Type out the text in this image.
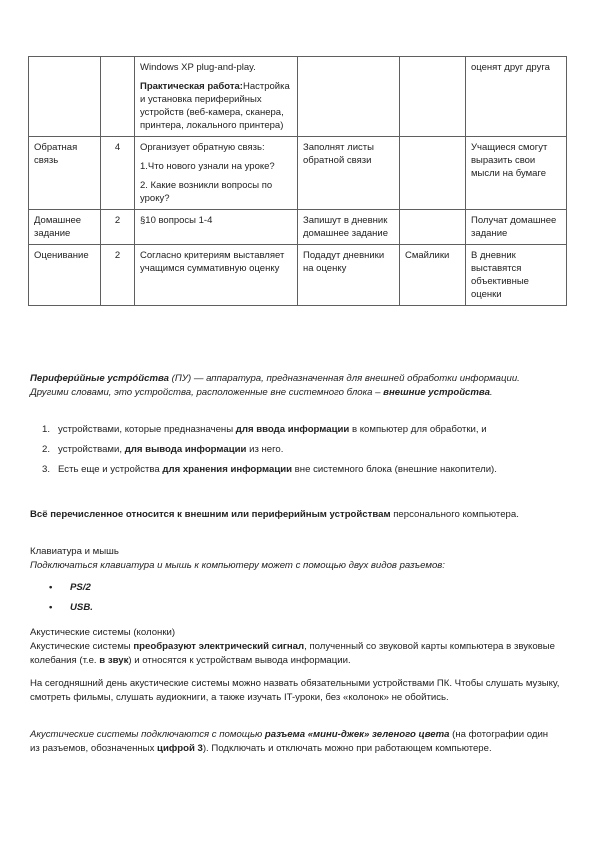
		Windows XP plug-and-play.

Практическая работа:Настройка и установка периферийных устройств (веб-камера, сканера, принтера, локального принтера)			оценят друг друга
Обратная связь	4	Организует обратную связь:

1.Что нового узнали на уроке?

2. Какие возникли вопросы по уроку?	Заполнят листы обратной связи		Учащиеся смогут выразить свои мысли на бумаге
Домашнее задание	2	§10 вопросы 1-4	Запишут в дневник домашнее задание		Получат домашнее задание
Оценивание	2	Согласно критериям выставляет учащимся суммативную оценку	Подадут дневники на оценку	Смайлики	В дневник выставятся объективные оценки

Периферúйные устрóйства (ПУ) — аппаратура, предназначенная для внешней обработки информации. Другими словами, это устройства, расположенные вне системного блока – внешние устройства.

1. устройствами, которые предназначены для ввода информации в компьютер для обработки, и
2. устройствами, для вывода информации из него.
3. Есть еще и устройства для хранения информации вне системного блока (внешние накопители).

Всё перечисленное относится к внешним или периферийным устройствам персонального компьютера.

Клавиатура и мышь

Подключаться клавиатура и мышь к компьютеру может с помощью двух видов разъемов:

• PS/2
• USB.

Акустические системы (колонки)

Акустические системы преобразуют электрический сигнал, полученный со звуковой карты компьютера в звуковые колебания (т.е. в звук) и относятся к устройствам вывода информации.

На сегодняшний день акустические системы можно назвать обязательными устройствами ПК. Чтобы слушать музыку, смотреть фильмы, слушать аудиокниги, а также изучать IT-уроки, без «колонок» не обойтись.

Акустические системы подключаются с помощью разъема «мини-джек» зеленого цвета (на фотографии один из разъемов, обозначенных цифрой 3). Подключать и отключать можно при работающем компьютере.
